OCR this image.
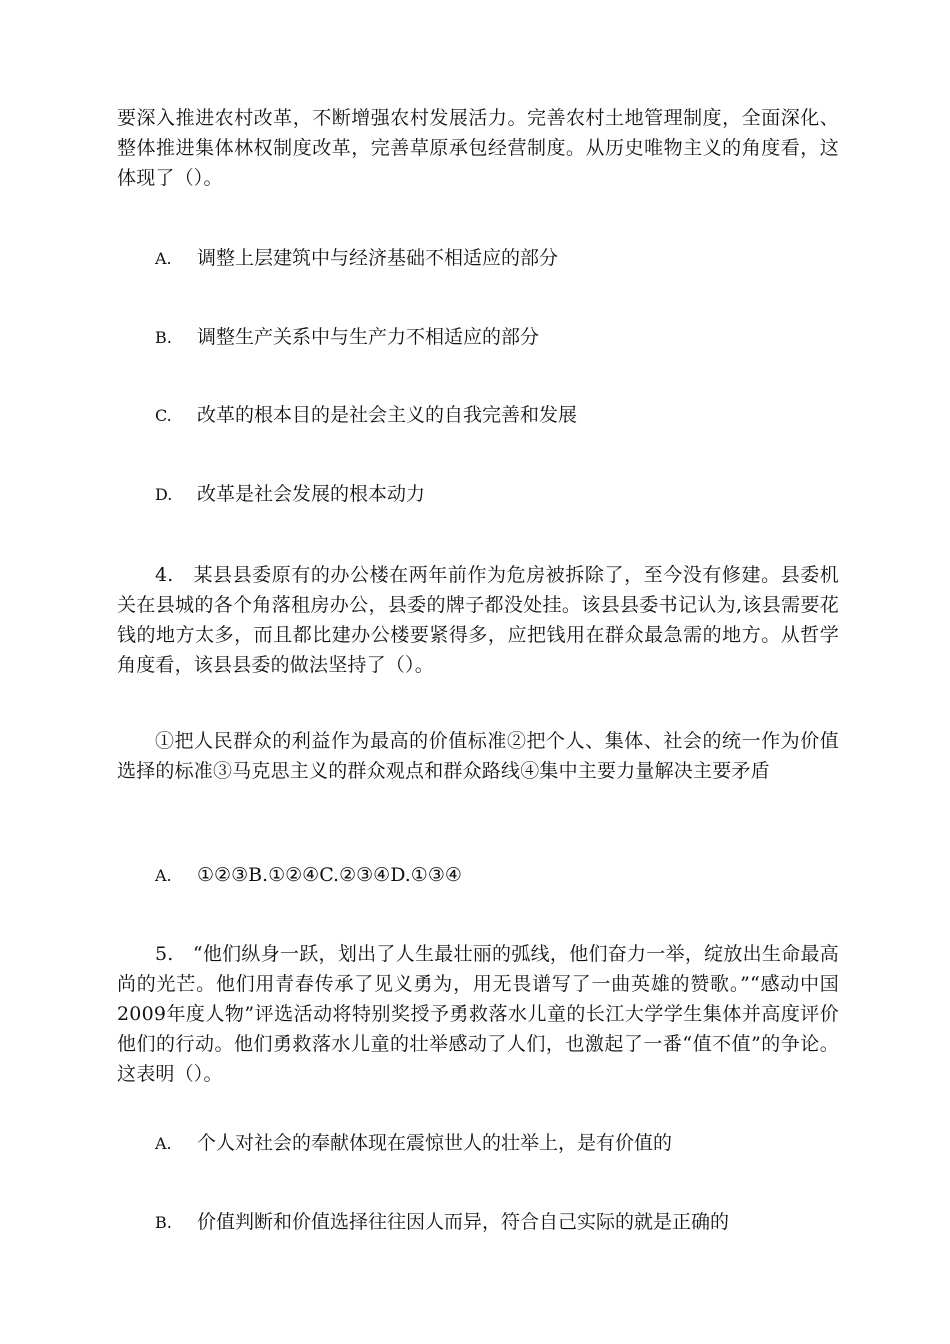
要深入推进农村改革，不断增强农村发展活力。完善农村土地管理制度，全面深化、整体推进集体林权制度改革，完善草原承包经营制度。从历史唯物主义的角度看，这体现了（）。

A. 调整上层建筑中与经济基础不相适应的部分

B. 调整生产关系中与生产力不相适应的部分

C. 改革的根本目的是社会主义的自我完善和发展

D. 改革是社会发展的根本动力

4.　某县县委原有的办公楼在两年前作为危房被拆除了，至今没有修建。县委机关在县城的各个角落租房办公，县委的牌子都没处挂。该县县委书记认为,该县需要花钱的地方太多，而且都比建办公楼要紧得多，应把钱用在群众最急需的地方。从哲学角度看，该县县委的做法坚持了（）。

①把人民群众的利益作为最高的价值标准②把个人、集体、社会的统一作为价值选择的标准③马克思主义的群众观点和群众路线④集中主要力量解决主要矛盾

A. ①②③B.①②④C.②③④D.①③④

5.　“他们纵身一跃，划出了人生最壮丽的弧线，他们奋力一举，绽放出生命最高尚的光芒。他们用青春传承了见义勇为，用无畏谱写了一曲英雄的赞歌。”“感动中国2009年度人物”评选活动将特别奖授予勇救落水儿童的长江大学学生集体并高度评价他们的行动。他们勇救落水儿童的壮举感动了人们，也激起了一番“值不值”的争论。这表明（）。

A. 个人对社会的奉献体现在震惊世人的壮举上，是有价值的

B. 价值判断和价值选择往往因人而异，符合自己实际的就是正确的
